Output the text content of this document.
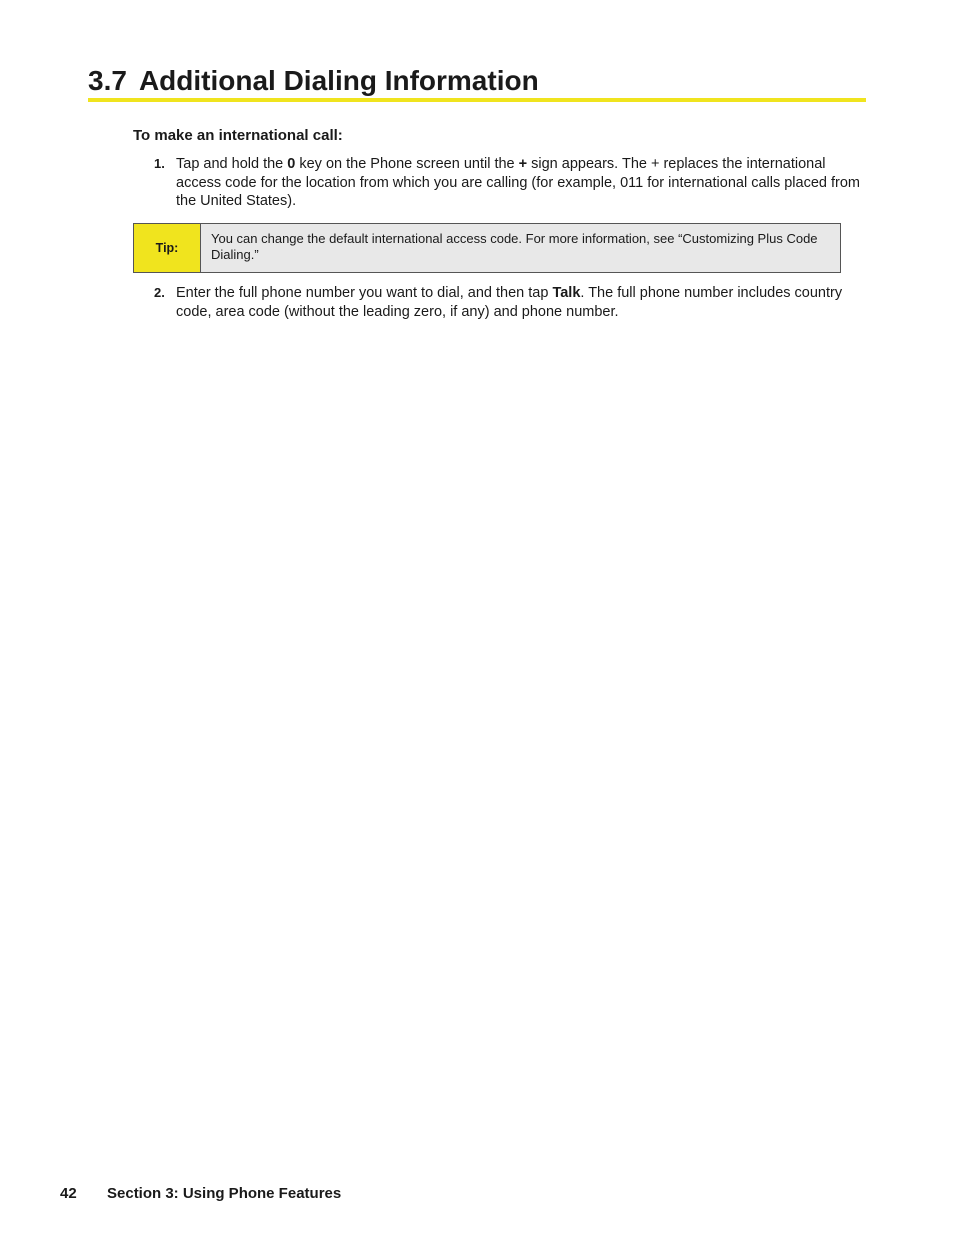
3.7 Additional Dialing Information
To make an international call:
1. Tap and hold the 0 key on the Phone screen until the + sign appears. The + replaces the international access code for the location from which you are calling (for example, 011 for international calls placed from the United States).
Tip:
You can change the default international access code. For more information, see “Customizing Plus Code Dialing.”
2. Enter the full phone number you want to dial, and then tap Talk. The full phone number includes country code, area code (without the leading zero, if any) and phone number.
42 Section 3: Using Phone Features
